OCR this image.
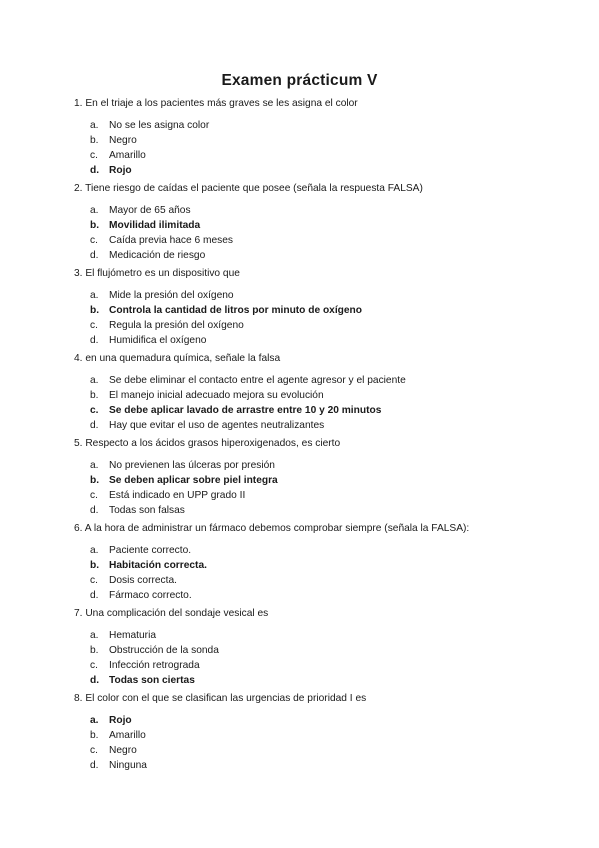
Examen prácticum V
1. En el triaje a los pacientes más graves se les asigna el color
a. No se les asigna color
b. Negro
c. Amarillo
d. Rojo
2. Tiene riesgo de caídas el paciente que posee (señala la respuesta FALSA)
a. Mayor de 65 años
b. Movilidad ilimitada
c. Caída previa hace 6 meses
d. Medicación de riesgo
3. El flujómetro es un dispositivo que
a. Mide la presión del oxígeno
b. Controla la cantidad de litros por minuto de oxígeno
c. Regula la presión del oxígeno
d. Humidifica el oxígeno
4. en una quemadura química, señale la falsa
a. Se debe eliminar el contacto entre el agente agresor y el paciente
b. El manejo inicial adecuado mejora su evolución
c. Se debe aplicar lavado de arrastre entre 10 y 20 minutos
d. Hay que evitar el uso de agentes neutralizantes
5. Respecto a los ácidos grasos hiperoxigenados, es cierto
a. No previenen las úlceras por presión
b. Se deben aplicar sobre piel integra
c. Está indicado en UPP grado II
d. Todas son falsas
6. A la hora de administrar un fármaco debemos comprobar siempre (señala la FALSA):
a. Paciente correcto.
b. Habitación correcta.
c. Dosis correcta.
d. Fármaco correcto.
7. Una complicación del sondaje vesical es
a. Hematuria
b. Obstrucción de la sonda
c. Infección retrograda
d. Todas son ciertas
8. El color con el que se clasifican las urgencias de prioridad I es
a. Rojo
b. Amarillo
c. Negro
d. Ninguna
